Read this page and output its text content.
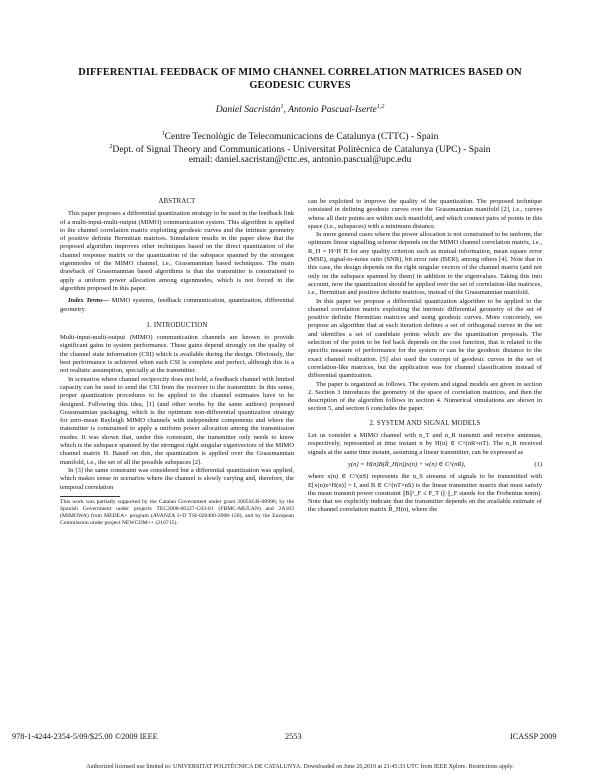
DIFFERENTIAL FEEDBACK OF MIMO CHANNEL CORRELATION MATRICES BASED ON
GEODESIC CURVES
Daniel Sacristán$^1$, Antonio Pascual-Iserte$^{1,2}$
$^1$Centre Tecnològic de Telecomunicacions de Catalunya (CTTC) - Spain
$^2$Dept. of Signal Theory and Communications - Universitat Politècnica de Catalunya (UPC) - Spain
email: daniel.sacristan@cttc.es, antonio.pascual@upc.edu
ABSTRACT

This paper proposes a differential quantization strategy to be used in the feedback link of a multi-input-multi-output (MIMO) communication system. This algorithm is applied to the channel correlation matrix exploiting geodesic curves and the intrinsic geometry of positive definite Hermitian matrices. Simulation results in the paper show that the proposed algorithm improves other techniques based on the direct quantization of the channel response matrix or the quantization of the subspace spanned by the strongest eigenmodes of the MIMO channel, i.e., Grassmannian based techniques. The main drawback of Grassmannian based algorithms is that the transmitter is constrained to apply a uniform power allocation among eigenmodes, which is not forced in the algorithm proposed in this paper.

Index Terms— MIMO systems, feedback communication, quantization, differential geometry.

1. INTRODUCTION

Multi-input-multi-output (MIMO) communication channels are known to provide significant gains in system performance. These gains depend strongly on the quality of the channel state information (CSI) which is available during the design. Obviously, the best performance is achieved when such CSI is complete and perfect, although this is a not realistic assumption, specially at the transmitter.

In scenarios where channel reciprocity does not hold, a feedback channel with limited capacity can be used to send the CSI from the receiver to the transmitter. In this sense, proper quantization procedures to be applied to the channel estimates have to be designed. Following this idea, [1] (and other works by the same authors) proposed Grassmannian packaging, which is the optimum non-differential quantization strategy for zero-mean Rayleigh MIMO channels with independent components and where the transmitter is constrained to apply a uniform power allocation among the transmission modes. It was shown that, under this constraint, the transmitter only needs to know which is the subspace spanned by the strongest right singular eigenvectors of the MIMO channel matrix H. Based on this, the quantization is applied over the Grassmannian manifold, i.e., the set of all the possible subspaces [2].

In [3] the same constraint was considered but a differential quantization was applied, which makes sense in scenarios where the channel is slowly varying and, therefore, the temporal correlation

This work was partially supported by the Catalan Government under grant 2005SGR-00996; by the Spanish Government under projects TEC2008-06327-C03-01 (FBMC-MULAN) and 2A103 (MIMOWA) from MEDEA+ program (AVANZA I+D TSI-020400-2008-150), and by the European Commission under project NEWCOM++ (216715).

can be exploited to improve the quality of the quantization. The proposed technique consisted in defining geodesic curves over the Grassmannian manifold [2], i.e., curves whose all their points are within such manifold, and which connect pairs of points in this space (i.e., subspaces) with a minimum distance.

In more general cases where the power allocation is not constrained to be uniform, the optimum linear signalling scheme depends on the MIMO channel correlation matrix, i.e., R_H = H^H H for any quality criterion such as mutual information, mean square error (MSE), signal-to-noise ratio (SNR), bit error rate (BER), among others [4]. Note that in this case, the design depends on the right singular vectors of the channel matrix (and not only on the subspace spanned by them) in addition to the eigenvalues. Taking this into account, now the quantization should be applied over the set of correlation-like matrices, i.e., Hermitian and positive definite matrices, instead of the Grassmannian manifold.

In this paper we propose a differential quantization algorithm to be applied to the channel correlation matrix exploiting the intrinsic differential geometry of the set of positive definite Hermitian matrices and using geodesic curves. More concretely, we propose an algorithm that at each iteration defines a set of orthogonal curves in the set and identifies a set of candidate points which are the quantization proposals. The selection of the point to be fed back depends on the cost function, that is related to the specific measure of performance for the system or can be the geodesic distance to the exact channel realization. [5] also used the concept of geodesic curves in the set of correlation-like matrices, but the application was for channel classification instead of differential quantization.

The paper is organized as follows. The system and signal models are given in section 2. Section 3 introduces the geometry of the space of correlation matrices, and then the description of the algorithm follows in section 4. Numerical simulations are shown in section 5, and section 6 concludes the paper.

2. SYSTEM AND SIGNAL MODELS

Let us consider a MIMO channel with n_T and n_R transmit and receive antennas, respectively, represented at time instant n by H(n) ∈ C^(nR×nT). The n_R received signals at the same time instant, assuming a linear transmitter, can be expressed as

y(n) = H(n)B(R̂_H(n))x(n) + w(n) ∈ C^(nR),	(1)

where x(n) ∈ C^(nS) represents the n_S streams of signals to be transmitted with E[x(n)x^H(n)] = I, and B ∈ C^(nT×nS) is the linear transmitter matrix that must satisfy the mean transmit power constraint ||B||²_F ≤ P_T (||·||_F stands for the Frobenius norm). Note that we explicitly indicate that the transmitter depends on the available estimate of the channel correlation matrix R̂_H(n), where the

978-1-4244-2354-5/09/$25.00 ©2009 IEEE	2553	ICASSP 2009
Authorized licensed use limited to: UNIVERSITAT POLITÈCNICA DE CATALUNYA. Downloaded on June 26,2010 at 21:45:33 UTC from IEEE Xplore. Restrictions apply.
